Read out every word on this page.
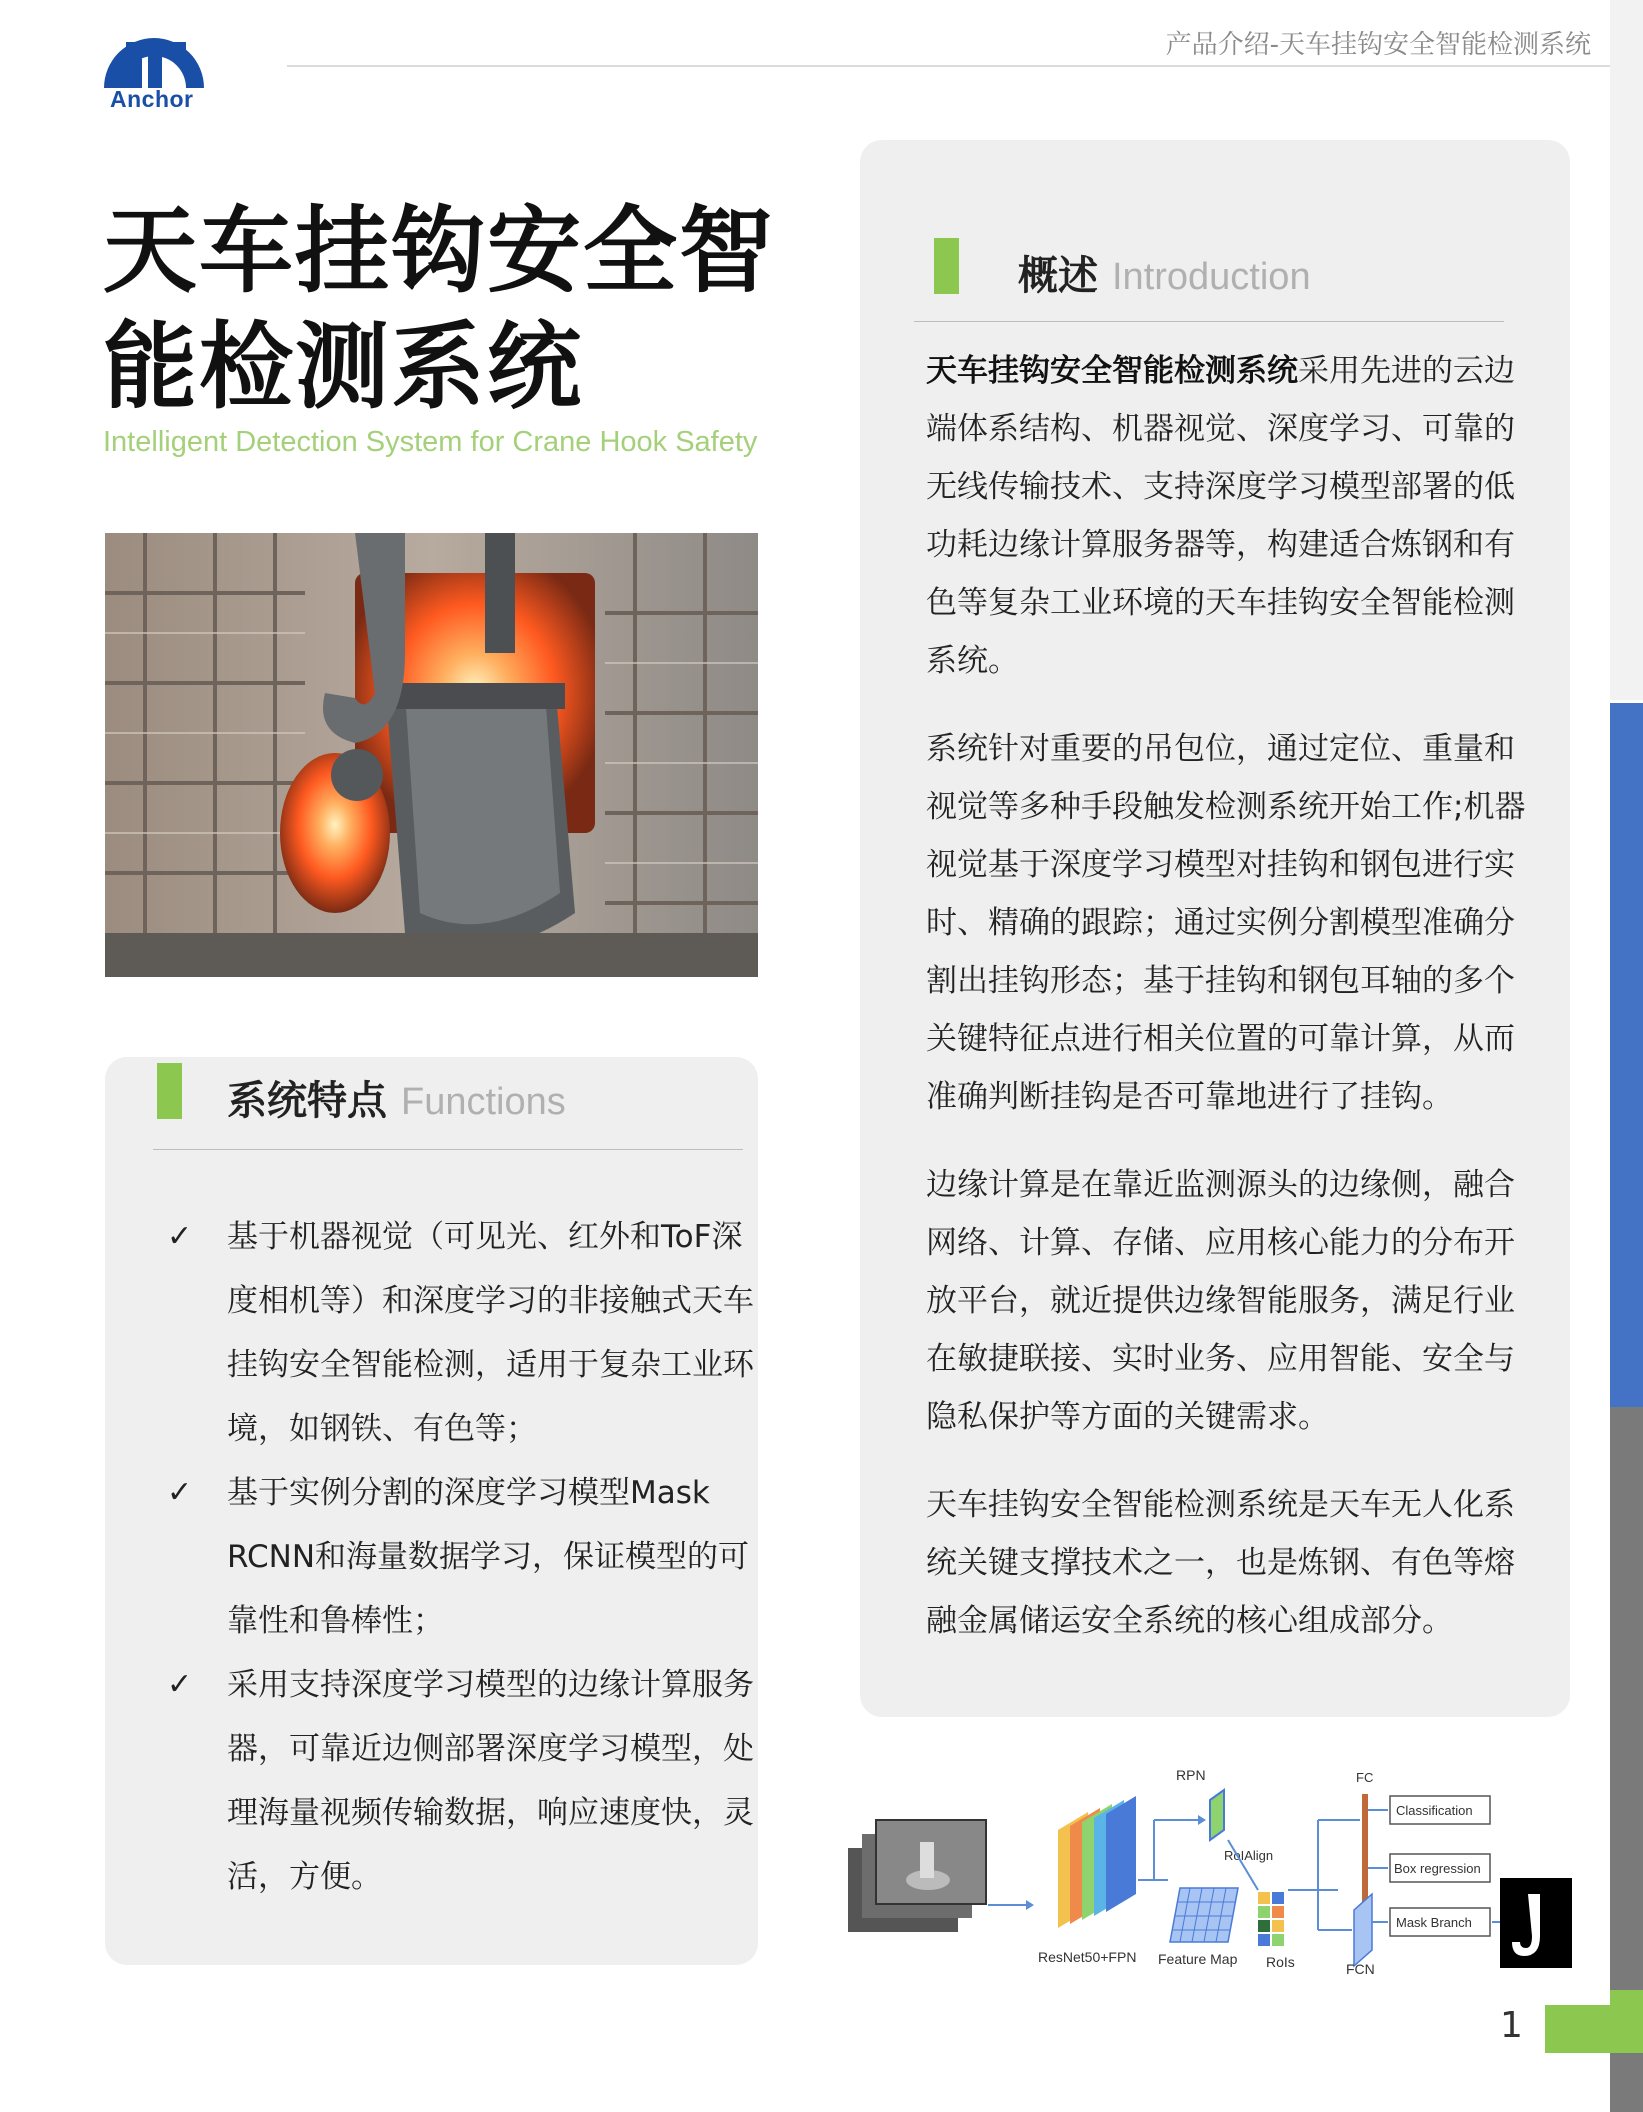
Anchor
产品介绍-天车挂钩安全智能检测系统
1
天车挂钩安全智能检测系统
Intelligent Detection System for Crane Hook Safety
系统特点 Functions
✓ 基于机器视觉（可见光、红外和ToF深度相机等）和深度学习的非接触式天车挂钩安全智能检测，适用于复杂工业环境，如钢铁、有色等；
✓ 基于实例分割的深度学习模型Mask RCNN和海量数据学习，保证模型的可靠性和鲁棒性；
✓ 采用支持深度学习模型的边缘计算服务器，可靠近边侧部署深度学习模型，处理海量视频传输数据，响应速度快，灵活，方便。
概述 Introduction

天车挂钩安全智能检测系统采用先进的云边端体系结构、机器视觉、深度学习、可靠的无线传输技术、支持深度学习模型部署的低功耗边缘计算服务器等，构建适合炼钢和有色等复杂工业环境的天车挂钩安全智能检测系统。

系统针对重要的吊包位，通过定位、重量和视觉等多种手段触发检测系统开始工作;机器视觉基于深度学习模型对挂钩和钢包进行实时、精确的跟踪；通过实例分割模型准确分割出挂钩形态；基于挂钩和钢包耳轴的多个关键特征点进行相关位置的可靠计算，从而准确判断挂钩是否可靠地进行了挂钩。

边缘计算是在靠近监测源头的边缘侧，融合网络、计算、存储、应用核心能力的分布开放平台，就近提供边缘智能服务，满足行业在敏捷联接、实时业务、应用智能、安全与隐私保护等方面的关键需求。

天车挂钩安全智能检测系统是天车无人化系统关键支撑技术之一，也是炼钢、有色等熔融金属储运安全系统的核心组成部分。

ResNet50+FPN
RPN
Feature Map
RoIAlign
RoIs
FC
FCN
Classification
Box regression
Mask Branch
